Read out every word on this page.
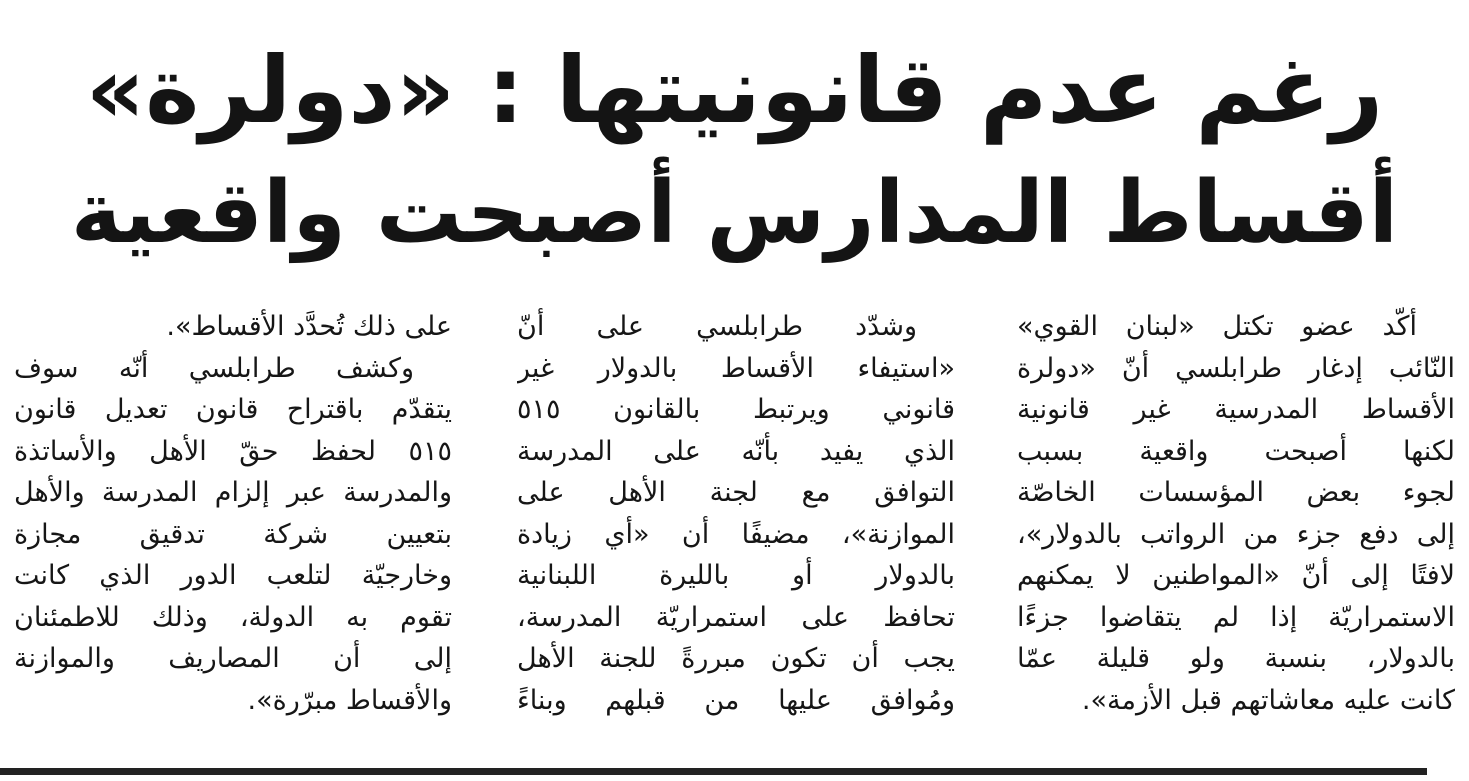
رغم عدم قانونيتها : «دولرة»
أقساط المدارس أصبحت واقعية
أكّد عضو تكتل «لبنان القوي»
النّائب إدغار طرابلسي أنّ «دولرة
الأقساط المدرسية غير قانونية
لكنها أصبحت واقعية بسبب
لجوء بعض المؤسسات الخاصّة
إلى دفع جزء من الرواتب بالدولار»،
لافتًا إلى أنّ «المواطنين لا يمكنهم
الاستمراريّة إذا لم يتقاضوا جزءًا
بالدولار، بنسبة ولو قليلة عمّا
كانت عليه معاشاتهم قبل الأزمة».
وشدّد طرابلسي على أنّ
«استيفاء الأقساط بالدولار غير
قانوني ويرتبط بالقانون ٥١٥
الذي يفيد بأنّه على المدرسة
التوافق مع لجنة الأهل على
الموازنة»، مضيفًا أن «أي زيادة
بالدولار أو بالليرة اللبنانية
تحافظ على استمراريّة المدرسة،
يجب أن تكون مبررةً للجنة الأهل
ومُوافق عليها من قبلهم وبناءً
على ذلك تُحدَّد الأقساط».
وكشف طرابلسي أنّه سوف
يتقدّم باقتراح قانون تعديل قانون
٥١٥ لحفظ حقّ الأهل والأساتذة
والمدرسة عبر إلزام المدرسة والأهل
بتعيين شركة تدقيق مجازة
وخارجيّة لتلعب الدور الذي كانت
تقوم به الدولة، وذلك للاطمئنان
إلى أن المصاريف والموازنة
والأقساط مبرّرة».
